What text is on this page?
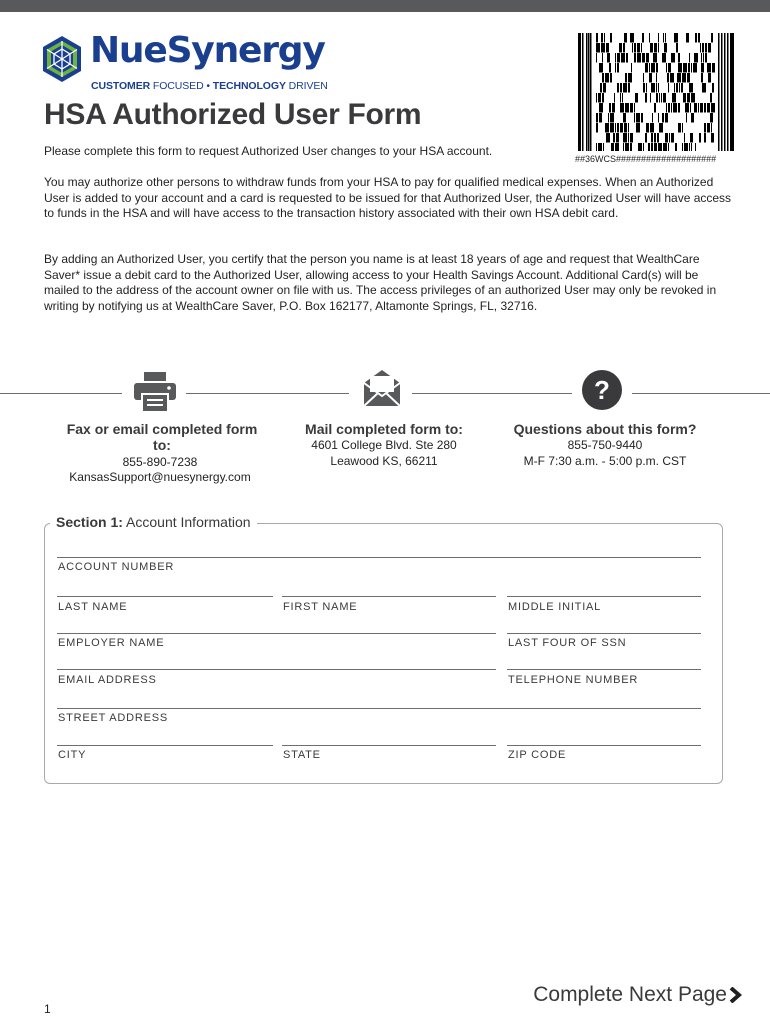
NueSynergy
CUSTOMER FOCUSED • TECHNOLOGY DRIVEN
##36WCS####################
HSA Authorized User Form
Please complete this form to request Authorized User changes to your HSA account.
You may authorize other persons to withdraw funds from your HSA to pay for qualified medical expenses. When an Authorized User is added to your account and a card is requested to be issued for that Authorized User, the Authorized User will have access to funds in the HSA and will have access to the transaction history associated with their own HSA debit card.
By adding an Authorized User, you certify that the person you name is at least 18 years of age and request that WealthCare Saver* issue a debit card to the Authorized User, allowing access to your Health Savings Account. Additional Card(s) will be mailed to the address of the account owner on file with us. The access privileges of an authorized User may only be revoked in writing by notifying us at WealthCare Saver, P.O. Box 162177, Altamonte Springs, FL, 32716.
?
Fax or email completed form to:
855-890-7238
KansasSupport@nuesynergy.com
Mail completed form to:
4601 College Blvd. Ste 280
Leawood KS, 66211
Questions about this form?
855-750-9440
M-F 7:30 a.m. - 5:00 p.m. CST
Section 1: Account Information
ACCOUNT NUMBER
LAST NAME	FIRST NAME	MIDDLE INITIAL
EMPLOYER NAME	LAST FOUR OF SSN
EMAIL ADDRESS	TELEPHONE NUMBER
STREET ADDRESS
CITY	STATE	ZIP CODE
1
Complete Next Page
